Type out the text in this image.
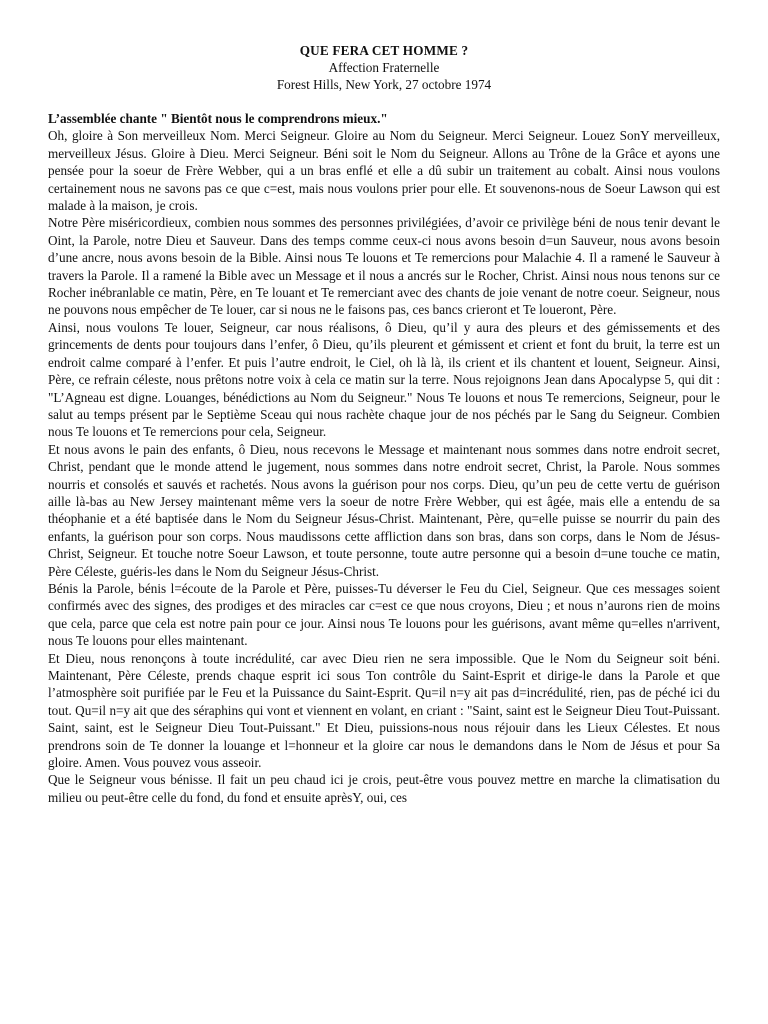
QUE FERA CET HOMME ?
Affection Fraternelle
Forest Hills, New York, 27 octobre 1974

L’assemblée chante " Bientôt nous le comprendrons mieux."

Oh, gloire à Son merveilleux Nom. Merci Seigneur. Gloire au Nom du Seigneur. Merci Seigneur. Louez SonY merveilleux, merveilleux Jésus. Gloire à Dieu. Merci Seigneur. Béni soit le Nom du Seigneur. Allons au Trône de la Grâce et ayons une pensée pour la soeur de Frère Webber, qui a un bras enflé et elle a dû subir un traitement au cobalt. Ainsi nous voulons certainement nous ne savons pas ce que c=est, mais nous voulons prier pour elle. Et souvenons-nous de Soeur Lawson qui est malade à la maison, je crois.

Notre Père miséricordieux, combien nous sommes des personnes privilégiées, d’avoir ce privilège béni de nous tenir devant le Oint, la Parole, notre Dieu et Sauveur. Dans des temps comme ceux-ci nous avons besoin d=un Sauveur, nous avons besoin d’une ancre, nous avons besoin de la Bible. Ainsi nous Te louons et Te remercions pour Malachie 4. Il a ramené le Sauveur à travers la Parole. Il a ramené la Bible avec un Message et il nous a ancrés sur le Rocher, Christ. Ainsi nous nous tenons sur ce Rocher inébranlable ce matin, Père, en Te louant et Te remerciant avec des chants de joie venant de notre coeur. Seigneur, nous ne pouvons nous empêcher de Te louer, car si nous ne le faisons pas, ces bancs crieront et Te loueront, Père.

Ainsi, nous voulons Te louer, Seigneur, car nous réalisons, ô Dieu, qu’il y aura des pleurs et des gémissements et des grincements de dents pour toujours dans l’enfer, ô Dieu, qu’ils pleurent et gémissent et crient et font du bruit, la terre est un endroit calme comparé à l’enfer. Et puis l’autre endroit, le Ciel, oh là là, ils crient et ils chantent et louent, Seigneur. Ainsi, Père, ce refrain céleste, nous prêtons notre voix à cela ce matin sur la terre. Nous rejoignons Jean dans Apocalypse 5, qui dit : "L’Agneau est digne. Louanges, bénédictions au Nom du Seigneur." Nous Te louons et nous Te remercions, Seigneur, pour le salut au temps présent par le Septième Sceau qui nous rachète chaque jour de nos péchés par le Sang du Seigneur. Combien nous Te louons et Te remercions pour cela, Seigneur.

Et nous avons le pain des enfants, ô Dieu, nous recevons le Message et maintenant nous sommes dans notre endroit secret, Christ, pendant que le monde attend le jugement, nous sommes dans notre endroit secret, Christ, la Parole. Nous sommes nourris et consolés et sauvés et rachetés. Nous avons la guérison pour nos corps. Dieu, qu’un peu de cette vertu de guérison aille là-bas au New Jersey maintenant même vers la soeur de notre Frère Webber, qui est âgée, mais elle a entendu de sa théophanie et a été baptisée dans le Nom du Seigneur Jésus-Christ. Maintenant, Père, qu=elle puisse se nourrir du pain des enfants, la guérison pour son corps. Nous maudissons cette affliction dans son bras, dans son corps, dans le Nom de Jésus-Christ, Seigneur. Et touche notre Soeur Lawson, et toute personne, toute autre personne qui a besoin d=une touche ce matin, Père Céleste, guéris-les dans le Nom du Seigneur Jésus-Christ.

Bénis la Parole, bénis l=écoute de la Parole et Père, puisses-Tu déverser le Feu du Ciel, Seigneur. Que ces messages soient confirmés avec des signes, des prodiges et des miracles car c=est ce que nous croyons, Dieu ; et nous n’aurons rien de moins que cela, parce que cela est notre pain pour ce jour. Ainsi nous Te louons pour les guérisons, avant même qu=elles n'arrivent, nous Te louons pour elles maintenant.

Et Dieu, nous renonçons à toute incrédulité, car avec Dieu rien ne sera impossible. Que le Nom du Seigneur soit béni. Maintenant, Père Céleste, prends chaque esprit ici sous Ton contrôle du Saint-Esprit et dirige-le dans la Parole et que l’atmosphère soit purifiée par le Feu et la Puissance du Saint-Esprit. Qu=il n=y ait pas d=incrédulité, rien, pas de péché ici du tout. Qu=il n=y ait que des séraphins qui vont et viennent en volant, en criant : "Saint, saint est le Seigneur Dieu Tout-Puissant. Saint, saint, est le Seigneur Dieu Tout-Puissant." Et Dieu, puissions-nous nous réjouir dans les Lieux Célestes. Et nous prendrons soin de Te donner la louange et l=honneur et la gloire car nous le demandons dans le Nom de Jésus et pour Sa gloire. Amen. Vous pouvez vous asseoir.

Que le Seigneur vous bénisse. Il fait un peu chaud ici je crois, peut-être vous pouvez mettre en marche la climatisation du milieu ou peut-être celle du fond, du fond et ensuite aprèsY, oui, ces
